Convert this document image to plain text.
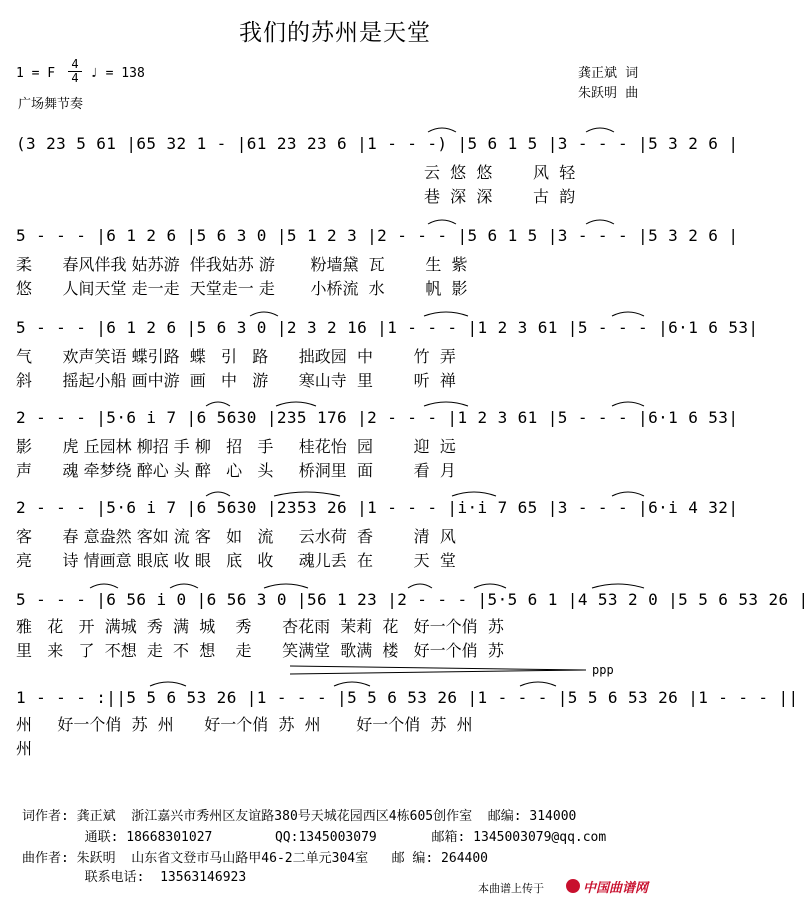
我们的苏州是天堂
1 = F
4
4 ♩ = 138
广场舞节奏
龚正斌  词
朱跃明  曲
(3 23 5 61 |65 32 1 - |61 23 23 6 |1 - - -) |5 6 1 5 |3 - - - |5 3 2 6 |
云  悠  悠        风  轻
巷  深  深        古  韵
5 - - - |6 1 2 6 |5 6 3 0 |5 1 2 3 |2 - - - |5 6 1 5 |3 - - - |5 3 2 6 |
柔      春风伴我 姑苏游  伴我姑苏 游       粉墙黛  瓦        生  紫
悠      人间天堂 走一走  天堂走一 走       小桥流  水        帆  影
5 - - - |6 1 2 6 |5 6 3 0 |2 3 2 16 |1 - - - |1 2 3 61 |5 - - - |6·1 6 53|
气      欢声笑语 蝶引路  蝶   引   路      拙政园  中        竹  弄
斜      摇起小船 画中游  画   中   游      寒山寺  里        听  禅
2 - - - |5·6 i 7 |6 5630 |235 176 |2 - - - |1 2 3 61 |5 - - - |6·1 6 53|
影      虎 丘园林 柳招 手 柳   招   手     桂花怡  园        迎  远
声      魂 牵梦绕 醉心 头 醉   心   头     桥洞里  面        看  月
2 - - - |5·6 i 7 |6 5630 |2353 26 |1 - - - |i·i 7 65 |3 - - - |6·i 4 32|
客      春 意盎然 客如 流 客   如   流     云水荷  香        清  风
亮      诗 情画意 眼底 收 眼   底   收     魂儿丢  在        天  堂
5 - - - |6 56 i 0 |6 56 3 0 |56 1 23 |2 - - - |5·5 6 1 |4 53 2 0 |5 5 6 53 26 |
雅   花   开  满城  秀  满  城    秀      杏花雨  茉莉  花   好一个俏  苏
里   来   了  不想  走  不  想    走      笑满堂  歌满  楼   好一个俏  苏
ppp
1 - - - :||5 5 6 53 26 |1 - - - |5 5 6 53 26 |1 - - - |5 5 6 53 26 |1 - - - ||
州     好一个俏  苏  州      好一个俏  苏  州       好一个俏  苏  州
州
词作者: 龚正斌  浙江嘉兴市秀州区友谊路380号天城花园西区4栋605创作室  邮编: 314000
通联: 18668301027        QQ:1345003079       邮箱: 1345003079@qq.com
曲作者: 朱跃明  山东省文登市马山路甲46-2二单元304室   邮 编: 264400
联系电话:  13563146923
本曲谱上传于	中国曲谱网
